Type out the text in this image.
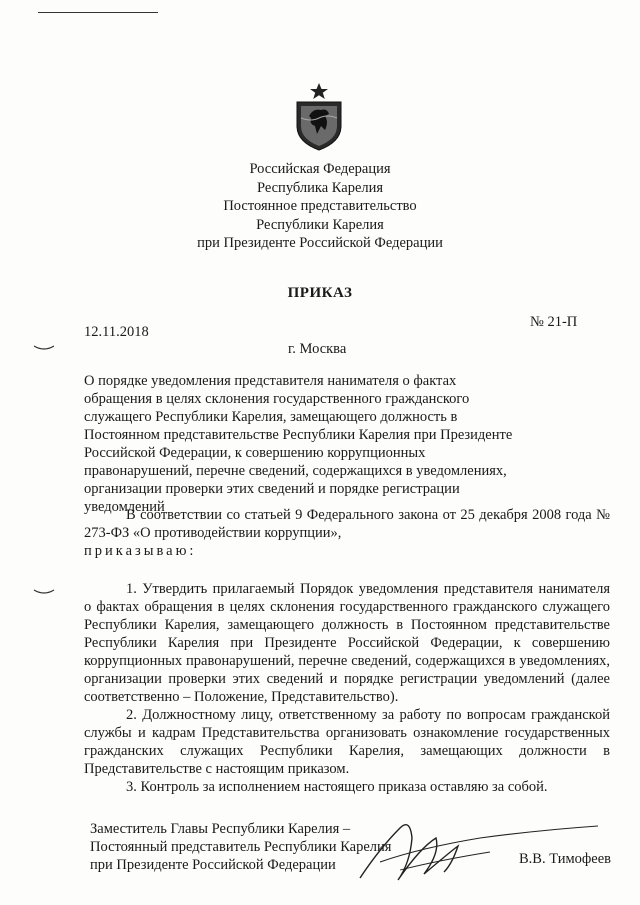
Российская Федерация
Республика Карелия
Постоянное представительство
Республики Карелия
при Президенте Российской Федерации
ПРИКАЗ
№ 21-П
12.11.2018
г. Москва
О порядке уведомления представителя нанимателя о фактах обращения в целях склонения государственного гражданского служащего Республики Карелия, замещающего должность в Постоянном представительстве Республики Карелия при Президенте Российской Федерации, к совершению коррупционных правонарушений, перечне сведений, содержащихся в уведомлениях, организации проверки этих сведений и порядке регистрации уведомлений

В соответствии со статьей 9 Федерального закона от 25 декабря 2008 года № 273-ФЗ «О противодействии коррупции»,

приказываю:

1. Утвердить прилагаемый Порядок уведомления представителя нанимателя о фактах обращения в целях склонения государственного гражданского служащего Республики Карелия, замещающего должность в Постоянном представительстве Республики Карелия при Президенте Российской Федерации, к совершению коррупционных правонарушений, перечне сведений, содержащихся в уведомлениях, организации проверки этих сведений и порядке регистрации уведомлений (далее соответственно – Положение, Представительство).

2. Должностному лицу, ответственному за работу по вопросам гражданской службы и кадрам Представительства организовать ознакомление государственных гражданских служащих Республики Карелия, замещающих должности в Представительстве с настоящим приказом.

3. Контроль за исполнением настоящего приказа оставляю за собой.

Заместитель Главы Республики Карелия –
Постоянный представитель Республики Карелия
при Президенте Российской Федерации	В.В. Тимофеев
